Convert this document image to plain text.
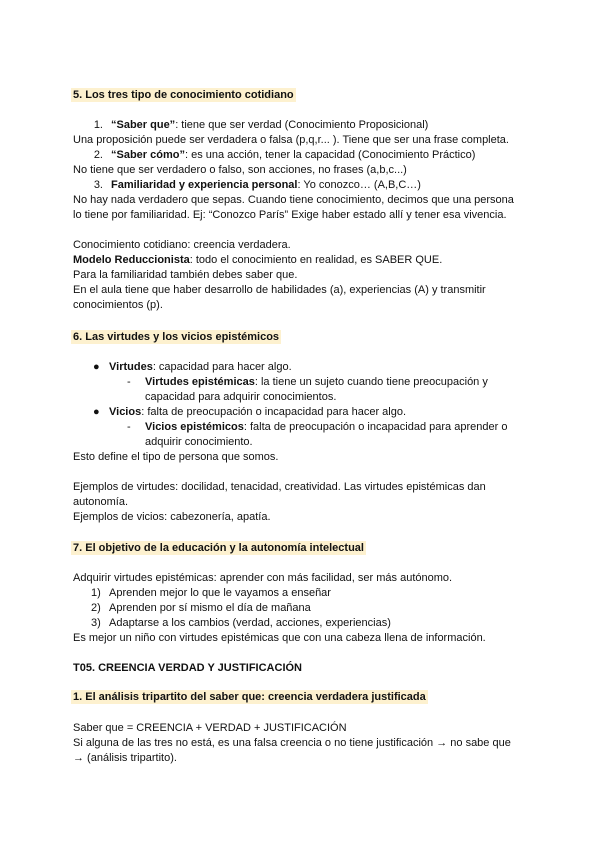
5. Los tres tipo de conocimiento cotidiano
1. “Saber que”: tiene que ser verdad (Conocimiento Proposicional)
Una proposición puede ser verdadera o falsa (p,q,r... ). Tiene que ser una frase completa.
2. “Saber cómo”: es una acción, tener la capacidad (Conocimiento Práctico)
No tiene que ser verdadero o falso, son acciones, no frases (a,b,c...)
3. Familiaridad y experiencia personal: Yo conozco… (A,B,C…)
No hay nada verdadero que sepas. Cuando tiene conocimiento, decimos que una persona
lo tiene por familiaridad. Ej: “Conozco París” Exige haber estado allí y tener esa vivencia.
Conocimiento cotidiano: creencia verdadera.
Modelo Reduccionista: todo el conocimiento en realidad, es SABER QUE.
Para la familiaridad también debes saber que.
En el aula tiene que haber desarrollo de habilidades (a), experiencias (A) y transmitir
conocimientos (p).
6. Las virtudes y los vicios epistémicos
● Virtudes: capacidad para hacer algo.
- Virtudes epistémicas: la tiene un sujeto cuando tiene preocupación y
capacidad para adquirir conocimientos.
● Vicios: falta de preocupación o incapacidad para hacer algo.
- Vicios epistémicos: falta de preocupación o incapacidad para aprender o
adquirir conocimiento.
Esto define el tipo de persona que somos.
Ejemplos de virtudes: docilidad, tenacidad, creatividad. Las virtudes epistémicas dan
autonomía.
Ejemplos de vicios: cabezonería, apatía.
7. El objetivo de la educación y la autonomía intelectual
Adquirir virtudes epistémicas: aprender con más facilidad, ser más autónomo.
1) Aprenden mejor lo que le vayamos a enseñar
2) Aprenden por sí mismo el día de mañana
3) Adaptarse a los cambios (verdad, acciones, experiencias)
Es mejor un niño con virtudes epistémicas que con una cabeza llena de información.
T05. CREENCIA VERDAD Y JUSTIFICACIÓN
1. El análisis tripartito del saber que: creencia verdadera justificada
Saber que = CREENCIA + VERDAD + JUSTIFICACIÓN
Si alguna de las tres no está, es una falsa creencia o no tiene justificación → no sabe que
→ (análisis tripartito).
